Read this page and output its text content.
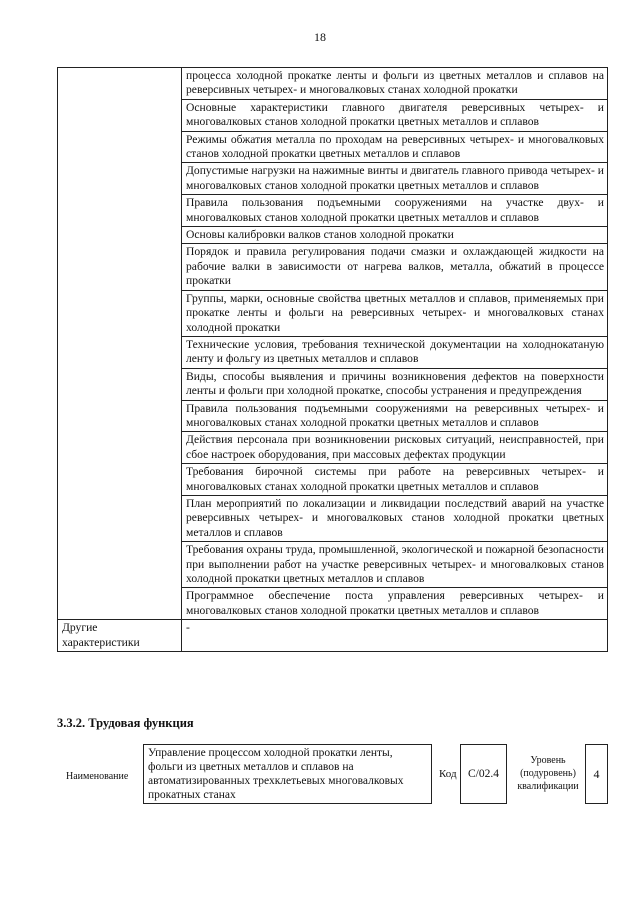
18
	процесса холодной прокатке ленты и фольги из цветных металлов и сплавов на реверсивных четырех- и многовалковых станах холодной прокатки
	Основные характеристики главного двигателя реверсивных четырех- и многовалковых станов холодной прокатки цветных металлов и сплавов
	Режимы обжатия металла по проходам на реверсивных четырех- и многовалковых станов холодной прокатки цветных металлов и сплавов
	Допустимые нагрузки на нажимные винты и двигатель главного привода четырех- и многовалковых станов холодной прокатки цветных металлов и сплавов
	Правила пользования подъемными сооружениями на участке двух- и многовалковых станов холодной прокатки цветных металлов и сплавов
	Основы калибровки валков станов холодной прокатки
	Порядок и правила регулирования подачи смазки и охлаждающей жидкости на рабочие валки в зависимости от нагрева валков, металла, обжатий в процессе прокатки
	Группы, марки, основные свойства цветных металлов и сплавов, применяемых при прокатке ленты и фольги на реверсивных четырех- и многовалковых станах холодной прокатки
	Технические условия, требования технической документации на холоднокатаную ленту и фольгу из цветных металлов и сплавов
	Виды, способы выявления и причины возникновения дефектов на поверхности ленты и фольги при холодной прокатке, способы устранения и предупреждения
	Правила пользования подъемными сооружениями на реверсивных четырех- и многовалковых станах холодной прокатки цветных металлов и сплавов
	Действия персонала при возникновении рисковых ситуаций, неисправностей, при сбое настроек оборудования, при массовых дефектах продукции
	Требования бирочной системы при работе на реверсивных четырех- и многовалковых станах холодной прокатки цветных металлов и сплавов
	План мероприятий по локализации и ликвидации последствий аварий на участке реверсивных четырех- и многовалковых станов холодной прокатки цветных металлов и сплавов
	Требования охраны труда, промышленной, экологической и пожарной безопасности при выполнении работ на участке реверсивных четырех- и многовалковых станов холодной прокатки цветных металлов и сплавов
	Программное обеспечение поста управления реверсивных четырех- и многовалковых станов холодной прокатки цветных металлов и сплавов
Другие характеристики	-
3.3.2. Трудовая функция
Наименование
Управление процессом холодной прокатки ленты, фольги из цветных металлов и сплавов на автоматизированных трехклетьевых многовалковых прокатных станах
Код C/02.4
Уровень (подуровень) квалификации
4
